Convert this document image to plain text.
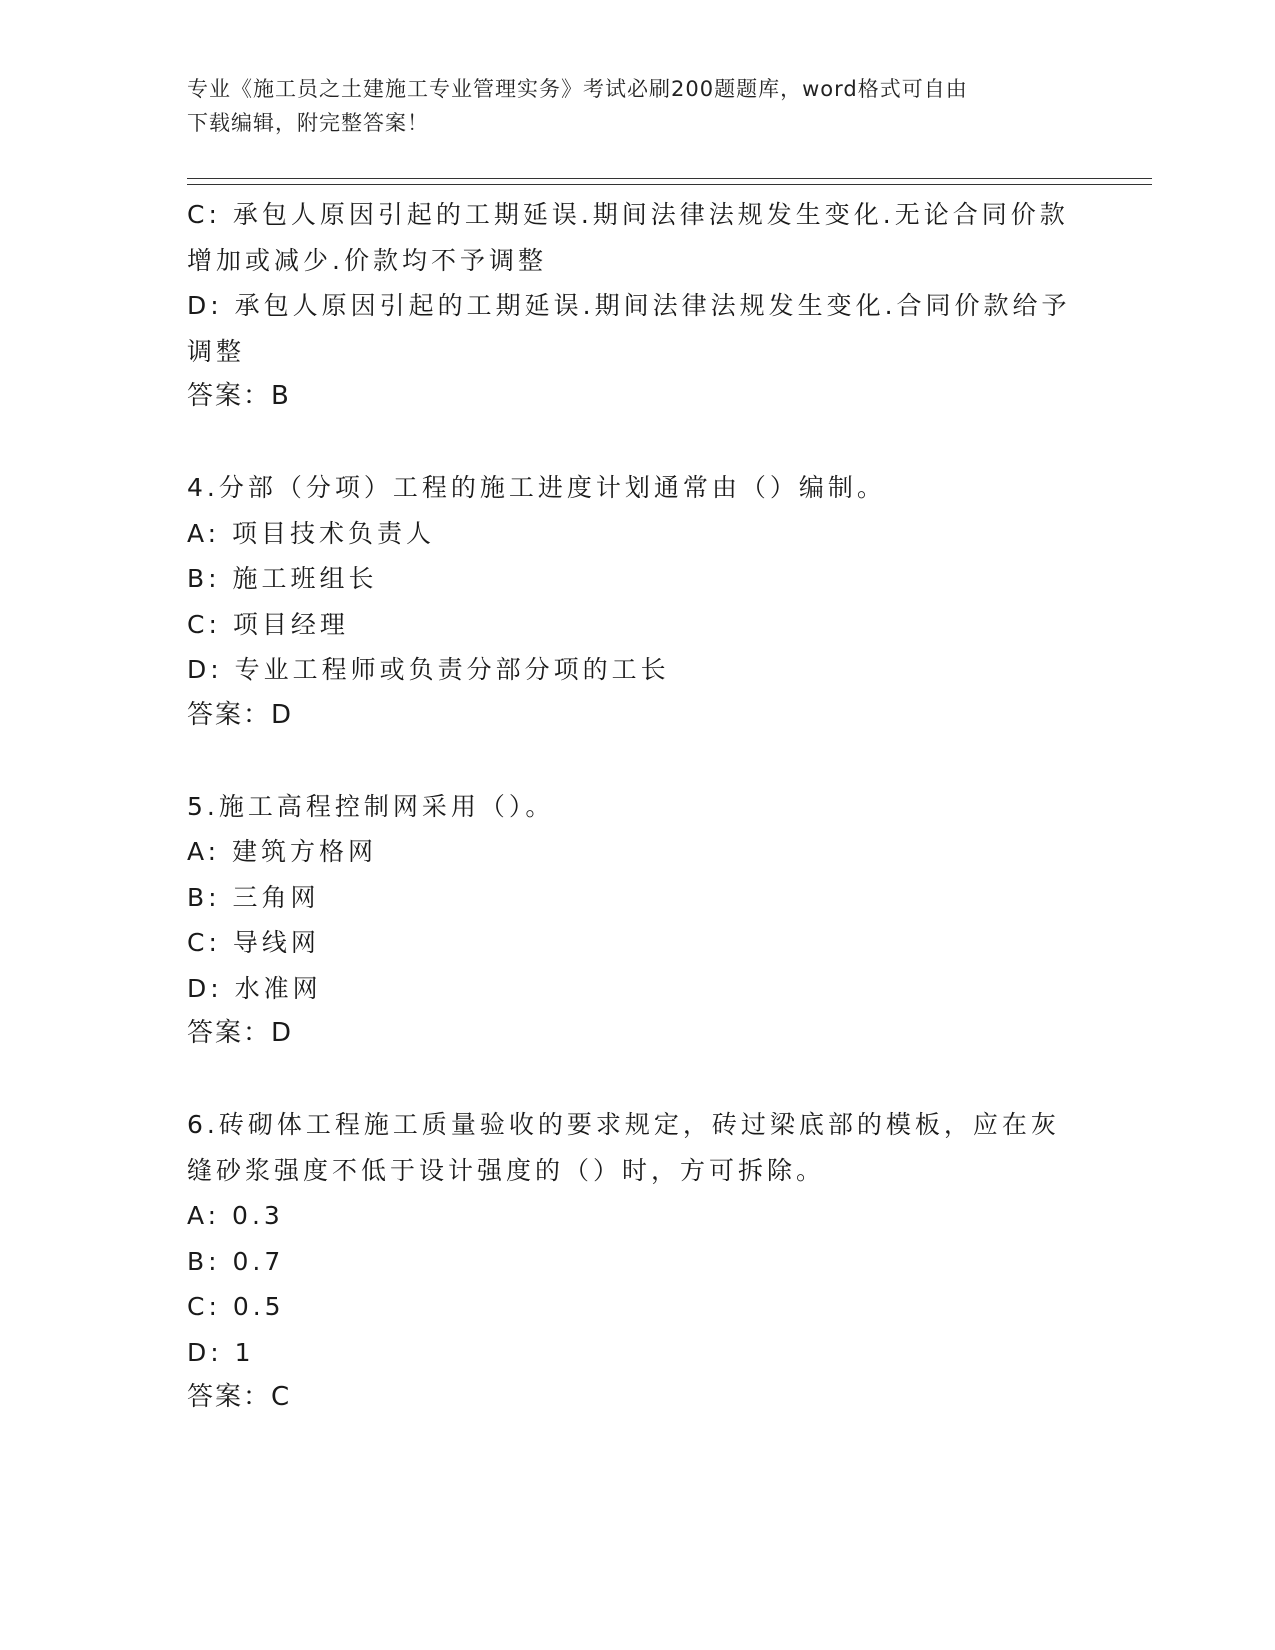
专业《施工员之土建施工专业管理实务》考试必刷200题题库，word格式可自由
下载编辑，附完整答案！
C: 承包人原因引起的工期延误.期间法律法规发生变化.无论合同价款
增加或减少.价款均不予调整
D: 承包人原因引起的工期延误.期间法律法规发生变化.合同价款给予
调整
答案：B
4.分部（分项）工程的施工进度计划通常由（）编制。
A: 项目技术负责人
B: 施工班组长
C: 项目经理
D: 专业工程师或负责分部分项的工长
答案：D
5.施工高程控制网采用（）。
A: 建筑方格网
B: 三角网
C: 导线网
D: 水准网
答案：D
6.砖砌体工程施工质量验收的要求规定，砖过梁底部的模板，应在灰
缝砂浆强度不低于设计强度的（）时，方可拆除。
A: 0.3
B: 0.7
C: 0.5
D: 1
答案：C
